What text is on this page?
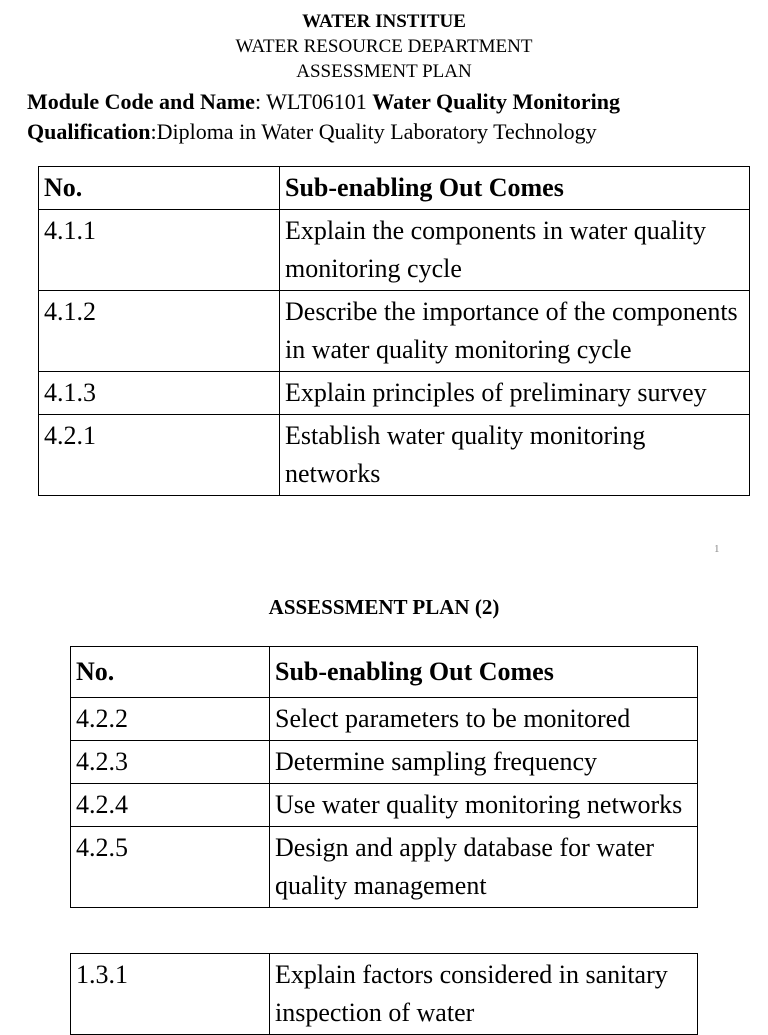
WATER INSTITUE
WATER RESOURCE DEPARTMENT
ASSESSMENT PLAN
Module Code and Name: WLT06101 Water Quality Monitoring
Qualification:Diploma in Water Quality Laboratory Technology
No.	Sub-enabling Out Comes
4.1.1	Explain the components in water quality monitoring cycle
4.1.2	Describe the importance of the components in water quality monitoring cycle
4.1.3	Explain principles of preliminary survey
4.2.1	Establish water quality monitoring networks
1
ASSESSMENT PLAN (2)
No.	Sub-enabling Out Comes
4.2.2	Select parameters to be monitored
4.2.3	Determine sampling frequency
4.2.4	Use water quality monitoring networks
4.2.5	Design and apply database for water quality management
1.3.1	Explain factors considered in sanitary inspection of water
